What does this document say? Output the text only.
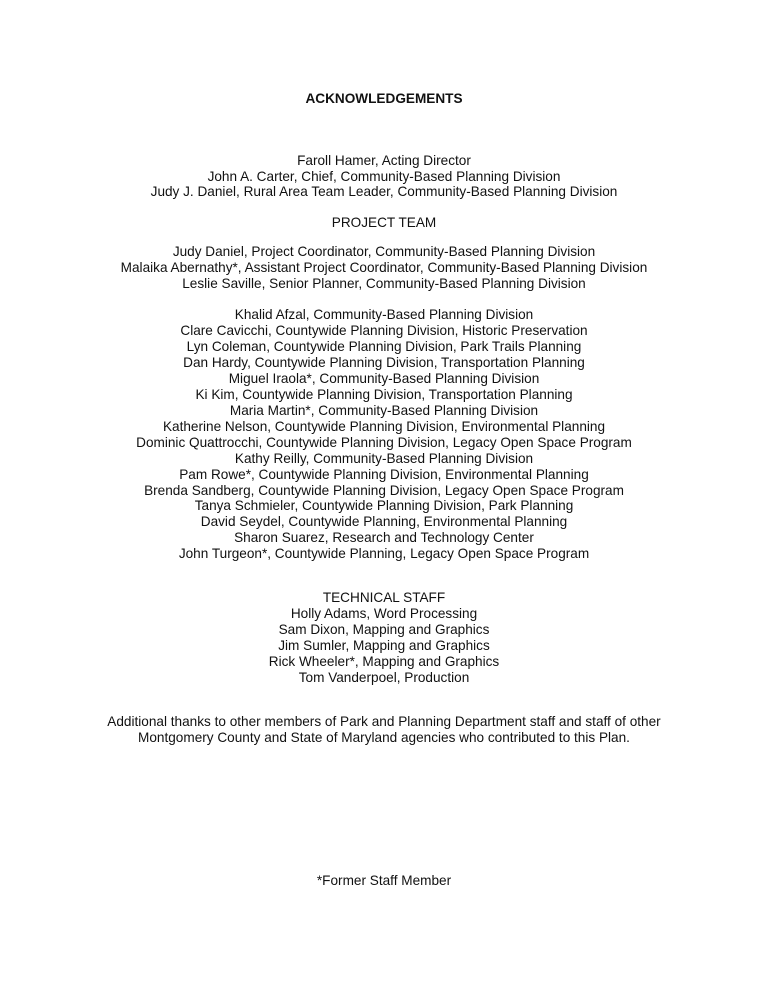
ACKNOWLEDGEMENTS
Faroll Hamer, Acting Director
John A. Carter, Chief, Community-Based Planning Division
Judy J. Daniel, Rural Area Team Leader, Community-Based Planning Division
PROJECT TEAM
Judy Daniel, Project Coordinator, Community-Based Planning Division
Malaika Abernathy*, Assistant Project Coordinator, Community-Based Planning Division
Leslie Saville, Senior Planner, Community-Based Planning Division
Khalid Afzal, Community-Based Planning Division
Clare Cavicchi, Countywide Planning Division, Historic Preservation
Lyn Coleman, Countywide Planning Division, Park Trails Planning
Dan Hardy, Countywide Planning Division, Transportation Planning
Miguel Iraola*, Community-Based Planning Division
Ki Kim, Countywide Planning Division, Transportation Planning
Maria Martin*, Community-Based Planning Division
Katherine Nelson, Countywide Planning Division, Environmental Planning
Dominic Quattrocchi, Countywide Planning Division, Legacy Open Space Program
Kathy Reilly, Community-Based Planning Division
Pam Rowe*, Countywide Planning Division, Environmental Planning
Brenda Sandberg, Countywide Planning Division, Legacy Open Space Program
Tanya Schmieler, Countywide Planning Division, Park Planning
David Seydel, Countywide Planning, Environmental Planning
Sharon Suarez, Research and Technology Center
John Turgeon*, Countywide Planning, Legacy Open Space Program
TECHNICAL STAFF
Holly Adams, Word Processing
Sam Dixon, Mapping and Graphics
Jim Sumler, Mapping and Graphics
Rick Wheeler*, Mapping and Graphics
Tom Vanderpoel, Production
Additional thanks to other members of Park and Planning Department staff and staff of other
Montgomery County and State of Maryland agencies who contributed to this Plan.
*Former Staff Member
